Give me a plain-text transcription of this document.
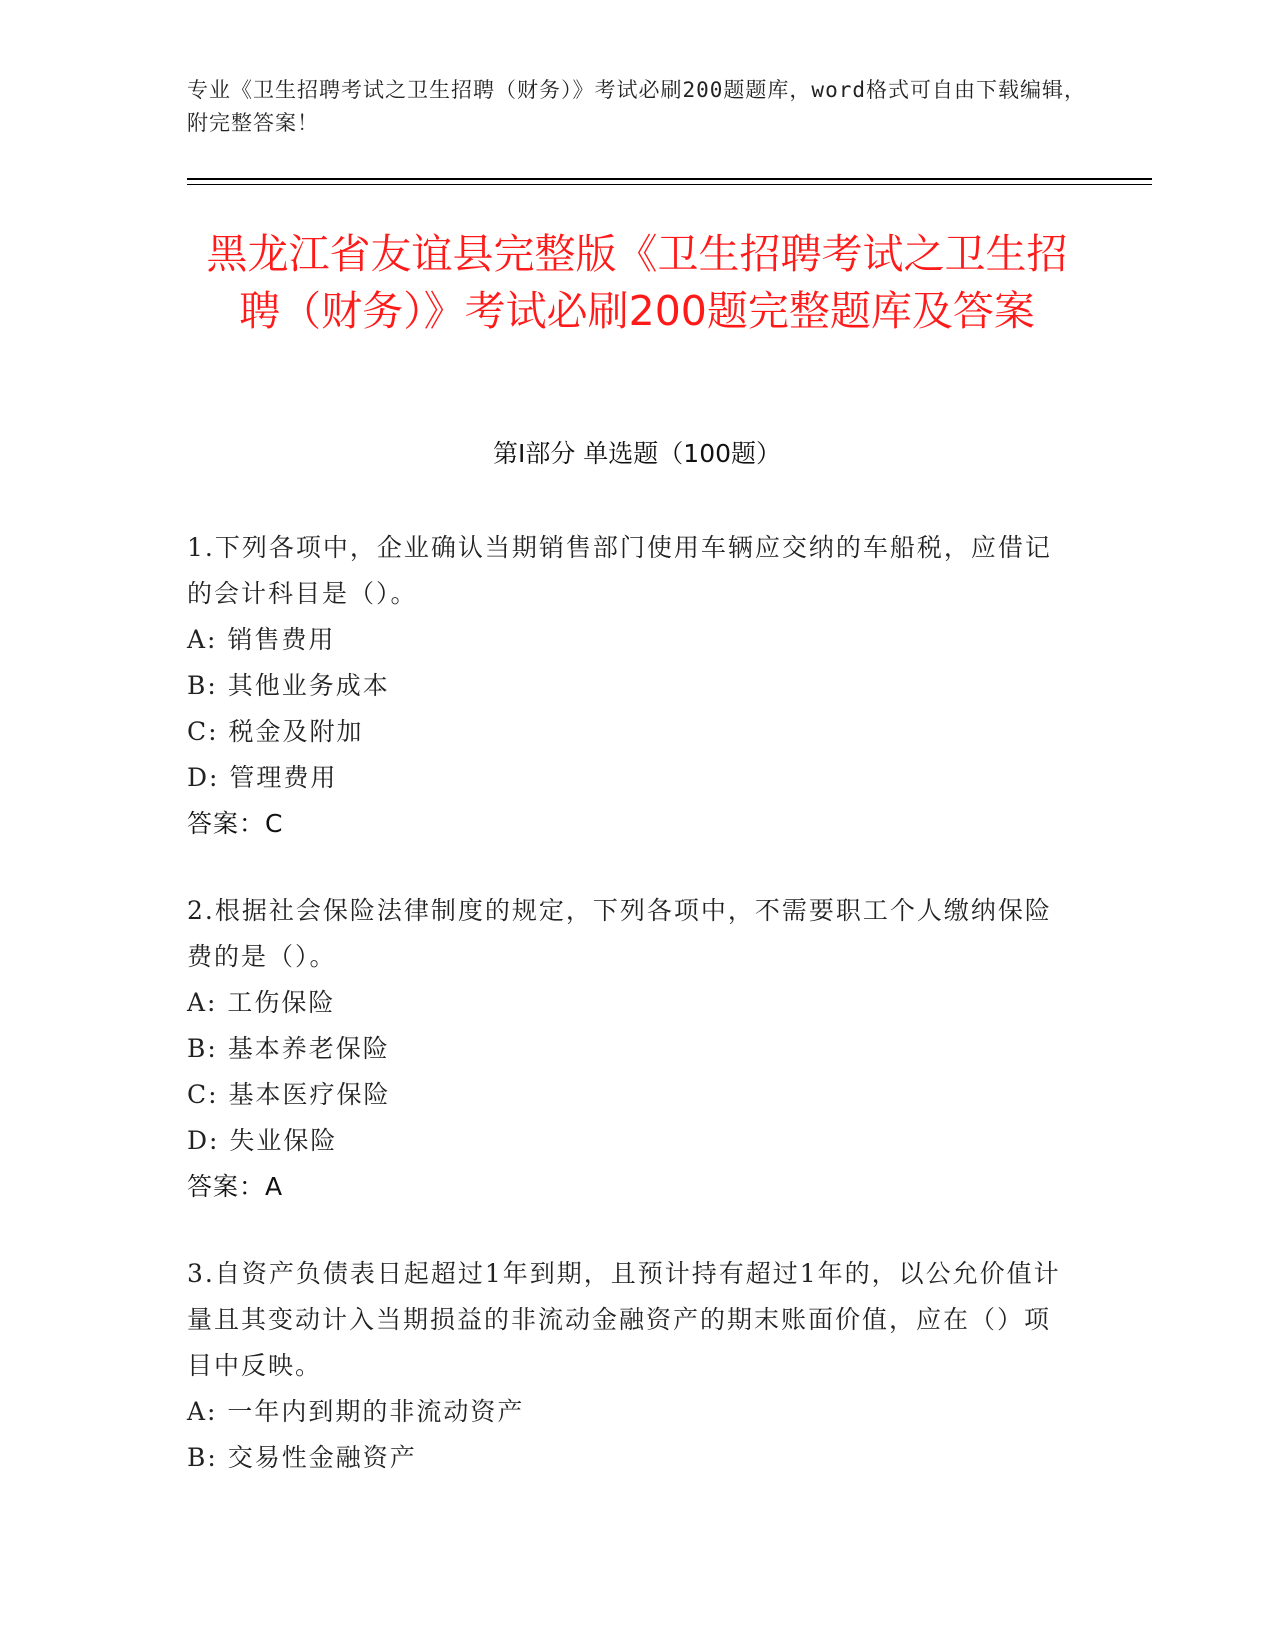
专业《卫生招聘考试之卫生招聘（财务）》考试必刷200题题库，word格式可自由下载编辑，附完整答案！
黑龙江省友谊县完整版《卫生招聘考试之卫生招聘（财务）》考试必刷200题完整题库及答案
第I部分 单选题（100题）
1.下列各项中，企业确认当期销售部门使用车辆应交纳的车船税，应借记的会计科目是（）。
A: 销售费用
B: 其他业务成本
C: 税金及附加
D: 管理费用
答案：C
2.根据社会保险法律制度的规定，下列各项中，不需要职工个人缴纳保险费的是（）。
A: 工伤保险
B: 基本养老保险
C: 基本医疗保险
D: 失业保险
答案：A
3.自资产负债表日起超过1年到期，且预计持有超过1年的，以公允价值计量且其变动计入当期损益的非流动金融资产的期末账面价值，应在（）项目中反映。
A: 一年内到期的非流动资产
B: 交易性金融资产
